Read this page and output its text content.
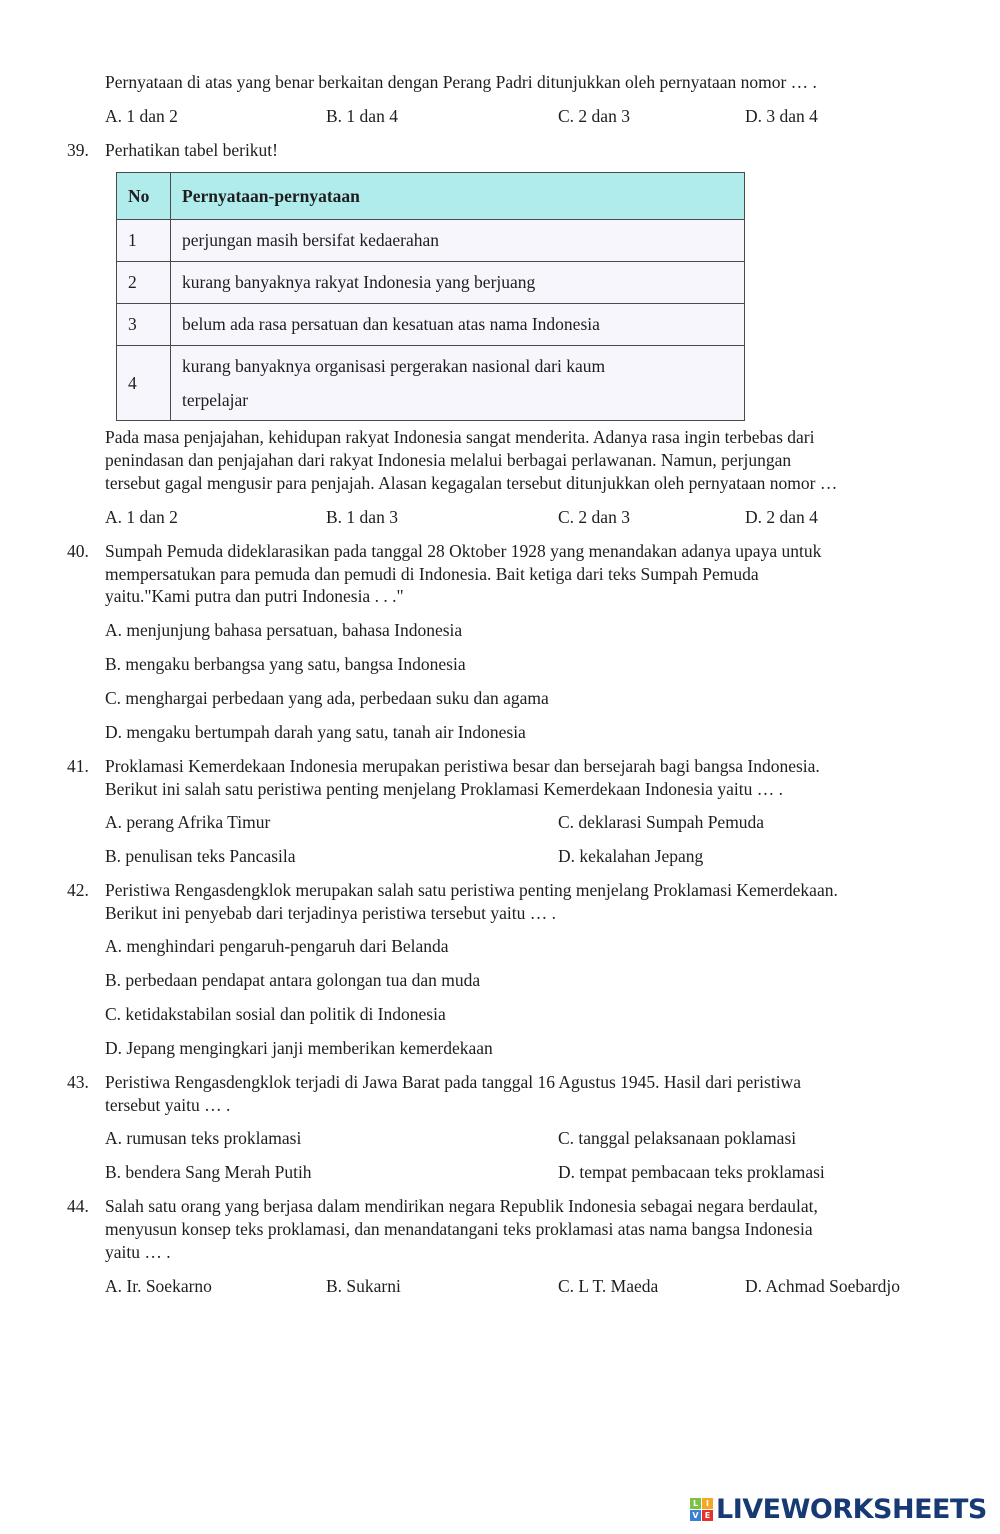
Pernyataan di atas yang benar berkaitan dengan Perang Padri ditunjukkan oleh pernyataan nomor … .
A. 1 dan 2	B. 1 dan 4	C. 2 dan 3	D. 3 dan 4
39. Perhatikan tabel berikut!
No	Pernyataan-pernyataan
1	perjungan masih bersifat kedaerahan
2	kurang banyaknya rakyat Indonesia yang berjuang
3	belum ada rasa persatuan dan kesatuan atas nama Indonesia
4	kurang banyaknya organisasi pergerakan nasional dari kaum
terpelajar
Pada masa penjajahan, kehidupan rakyat Indonesia sangat menderita. Adanya rasa ingin terbebas dari
penindasan dan penjajahan dari rakyat Indonesia melalui berbagai perlawanan. Namun, perjungan
tersebut gagal mengusir para penjajah. Alasan kegagalan tersebut ditunjukkan oleh pernyataan nomor …
A. 1 dan 2	B. 1 dan 3	C. 2 dan 3	D. 2 dan 4
40. Sumpah Pemuda dideklarasikan pada tanggal 28 Oktober 1928 yang menandakan adanya upaya untuk
mempersatukan para pemuda dan pemudi di Indonesia. Bait ketiga dari teks Sumpah Pemuda
yaitu."Kami putra dan putri Indonesia . . ."
A. menjunjung bahasa persatuan, bahasa Indonesia
B. mengaku berbangsa yang satu, bangsa Indonesia
C. menghargai perbedaan yang ada, perbedaan suku dan agama
D. mengaku bertumpah darah yang satu, tanah air Indonesia
41. Proklamasi Kemerdekaan Indonesia merupakan peristiwa besar dan bersejarah bagi bangsa Indonesia.
Berikut ini salah satu peristiwa penting menjelang Proklamasi Kemerdekaan Indonesia yaitu … .
A. perang Afrika Timur
B. penulisan teks Pancasila
C. deklarasi Sumpah Pemuda
D. kekalahan Jepang
42. Peristiwa Rengasdengklok merupakan salah satu peristiwa penting menjelang Proklamasi Kemerdekaan.
Berikut ini penyebab dari terjadinya peristiwa tersebut yaitu … .
A. menghindari pengaruh-pengaruh dari Belanda
B. perbedaan pendapat antara golongan tua dan muda
C. ketidakstabilan sosial dan politik di Indonesia
D. Jepang mengingkari janji memberikan kemerdekaan
43. Peristiwa Rengasdengklok terjadi di Jawa Barat pada tanggal 16 Agustus 1945. Hasil dari peristiwa
tersebut yaitu … .
A. rumusan teks proklamasi
B. bendera Sang Merah Putih
C. tanggal pelaksanaan poklamasi
D. tempat pembacaan teks proklamasi
44. Salah satu orang yang berjasa dalam mendirikan negara Republik Indonesia sebagai negara berdaulat,
menyusun konsep teks proklamasi, dan menandatangani teks proklamasi atas nama bangsa Indonesia
yaitu … .
A. Ir. Soekarno	B. Sukarni	C. L T. Maeda	D. Achmad Soebardjo
L I
V E LIVEWORKSHEETS
